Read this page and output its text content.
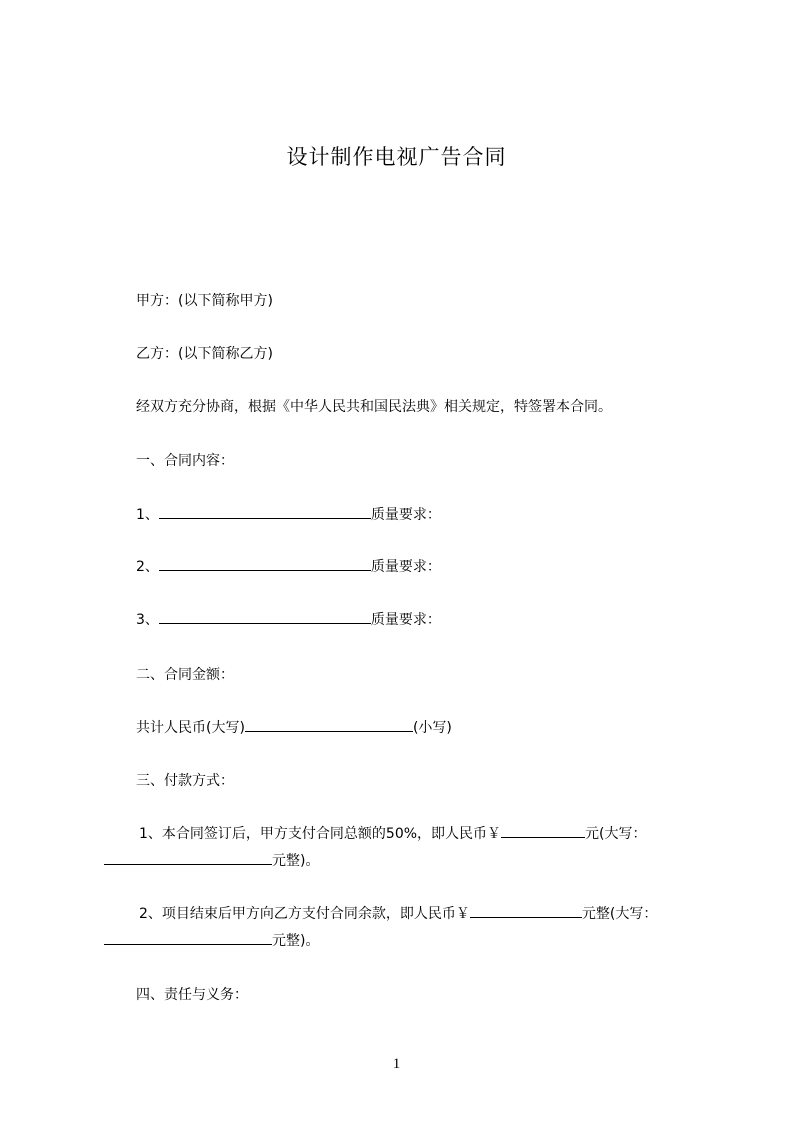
设计制作电视广告合同
甲方：(以下简称甲方)
乙方：(以下简称乙方)
经双方充分协商，根据《中华人民共和国民法典》相关规定，特签署本合同。
一、合同内容：
1、	质量要求：
2、	质量要求：
3、	质量要求：
二、合同金额：
共计人民币(大写)	(小写)
三、付款方式：
1、本合同签订后，甲方支付合同总额的50%，即人民币￥	元(大写：
元整)。
2、项目结束后甲方向乙方支付合同余款，即人民币￥	元整(大写：
元整)。
四、责任与义务：
1
